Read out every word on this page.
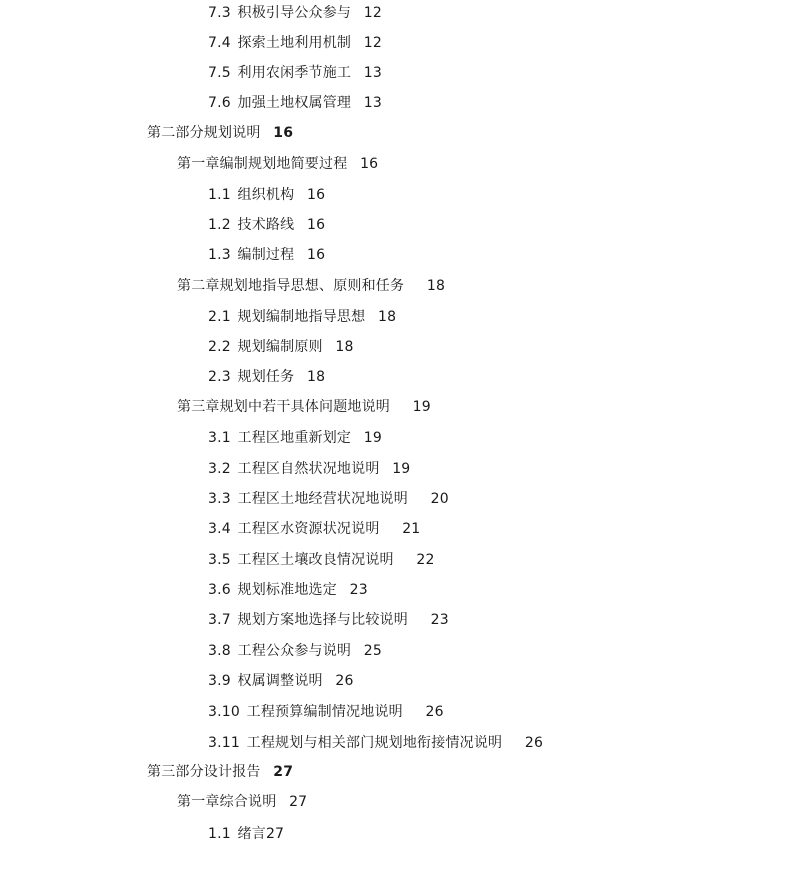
7.3 积极引导公众参与 12
7.4 探索土地利用机制 12
7.5 利用农闲季节施工 13
7.6 加强土地权属管理 13
第二部分规划说明 16
第一章编制规划地简要过程 16
1.1 组织机构 16
1.2 技术路线 16
1.3 编制过程 16
第二章规划地指导思想、原则和任务 18
2.1 规划编制地指导思想 18
2.2 规划编制原则 18
2.3 规划任务 18
第三章规划中若干具体问题地说明 19
3.1 工程区地重新划定 19
3.2 工程区自然状况地说明 19
3.3 工程区土地经营状况地说明 20
3.4 工程区水资源状况说明 21
3.5 工程区土壤改良情况说明 22
3.6 规划标准地选定 23
3.7 规划方案地选择与比较说明 23
3.8 工程公众参与说明 25
3.9 权属调整说明 26
3.10 工程预算编制情况地说明 26
3.11 工程规划与相关部门规划地衔接情况说明 26
第三部分设计报告 27
第一章综合说明 27
1.1 绪言27
